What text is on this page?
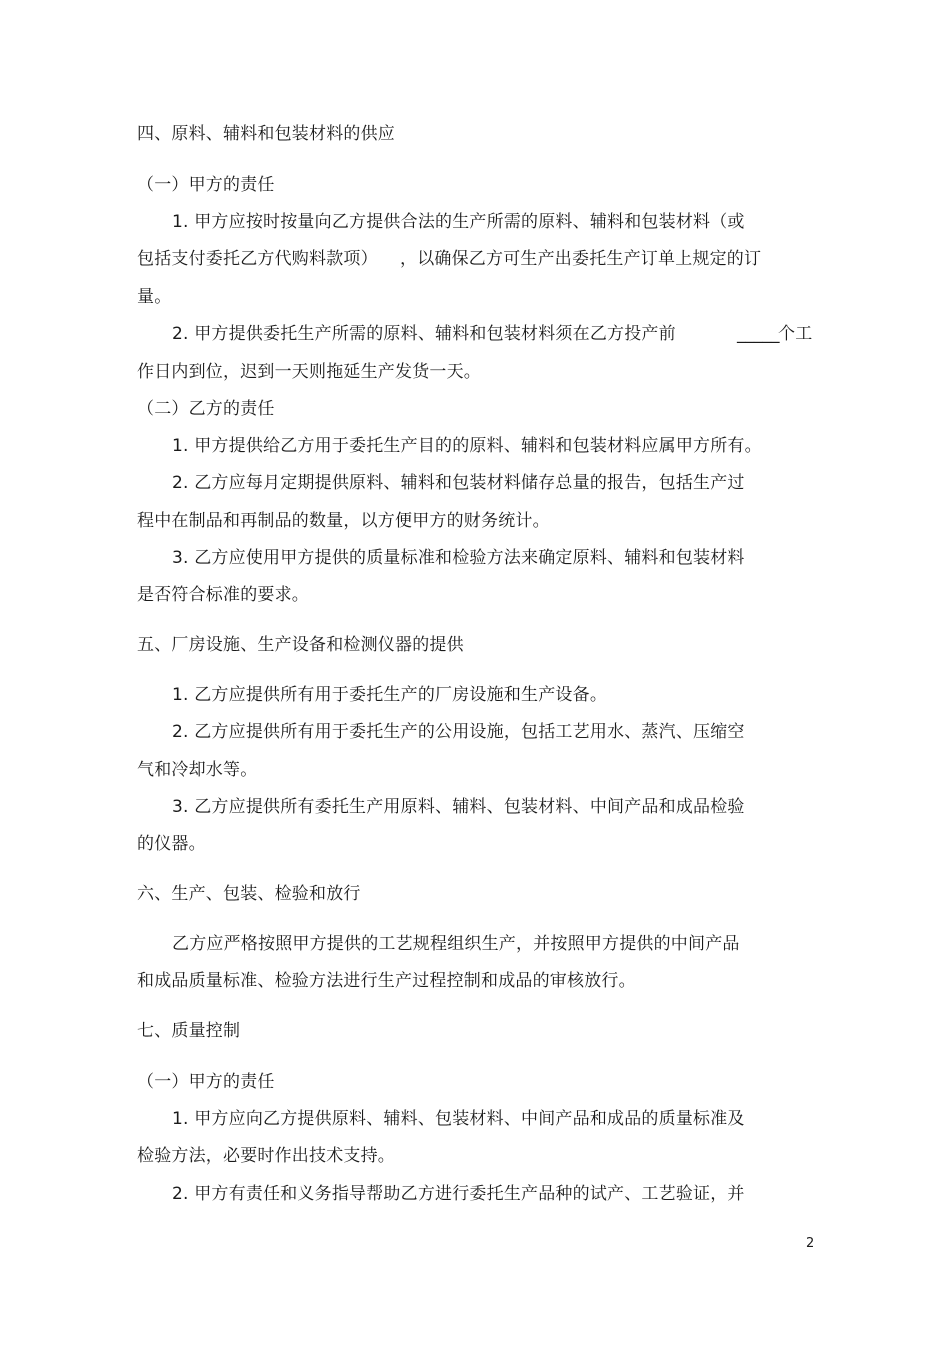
四、原料、辅料和包装材料的供应
（一）甲方的责任
1. 甲方应按时按量向乙方提供合法的生产所需的原料、辅料和包装材料（或
包括支付委托乙方代购料款项） ，以确保乙方可生产出委托生产订单上规定的订
量。
2. 甲方提供委托生产所需的原料、辅料和包装材料须在乙方投产前	_____
个工
作日内到位，迟到一天则拖延生产发货一天。
（二）乙方的责任
1. 甲方提供给乙方用于委托生产目的的原料、辅料和包装材料应属甲方所有。
2. 乙方应每月定期提供原料、辅料和包装材料储存总量的报告，包括生产过
程中在制品和再制品的数量，以方便甲方的财务统计。
3. 乙方应使用甲方提供的质量标准和检验方法来确定原料、辅料和包装材料
是否符合标准的要求。
五、厂房设施、生产设备和检测仪器的提供
1. 乙方应提供所有用于委托生产的厂房设施和生产设备。
2. 乙方应提供所有用于委托生产的公用设施，包括工艺用水、蒸汽、压缩空
气和冷却水等。
3. 乙方应提供所有委托生产用原料、辅料、包装材料、中间产品和成品检验
的仪器。
六、生产、包装、检验和放行
乙方应严格按照甲方提供的工艺规程组织生产，并按照甲方提供的中间产品
和成品质量标准、检验方法进行生产过程控制和成品的审核放行。
七、质量控制
（一）甲方的责任
1. 甲方应向乙方提供原料、辅料、包装材料、中间产品和成品的质量标准及
检验方法，必要时作出技术支持。
2. 甲方有责任和义务指导帮助乙方进行委托生产品种的试产、工艺验证，并
2
